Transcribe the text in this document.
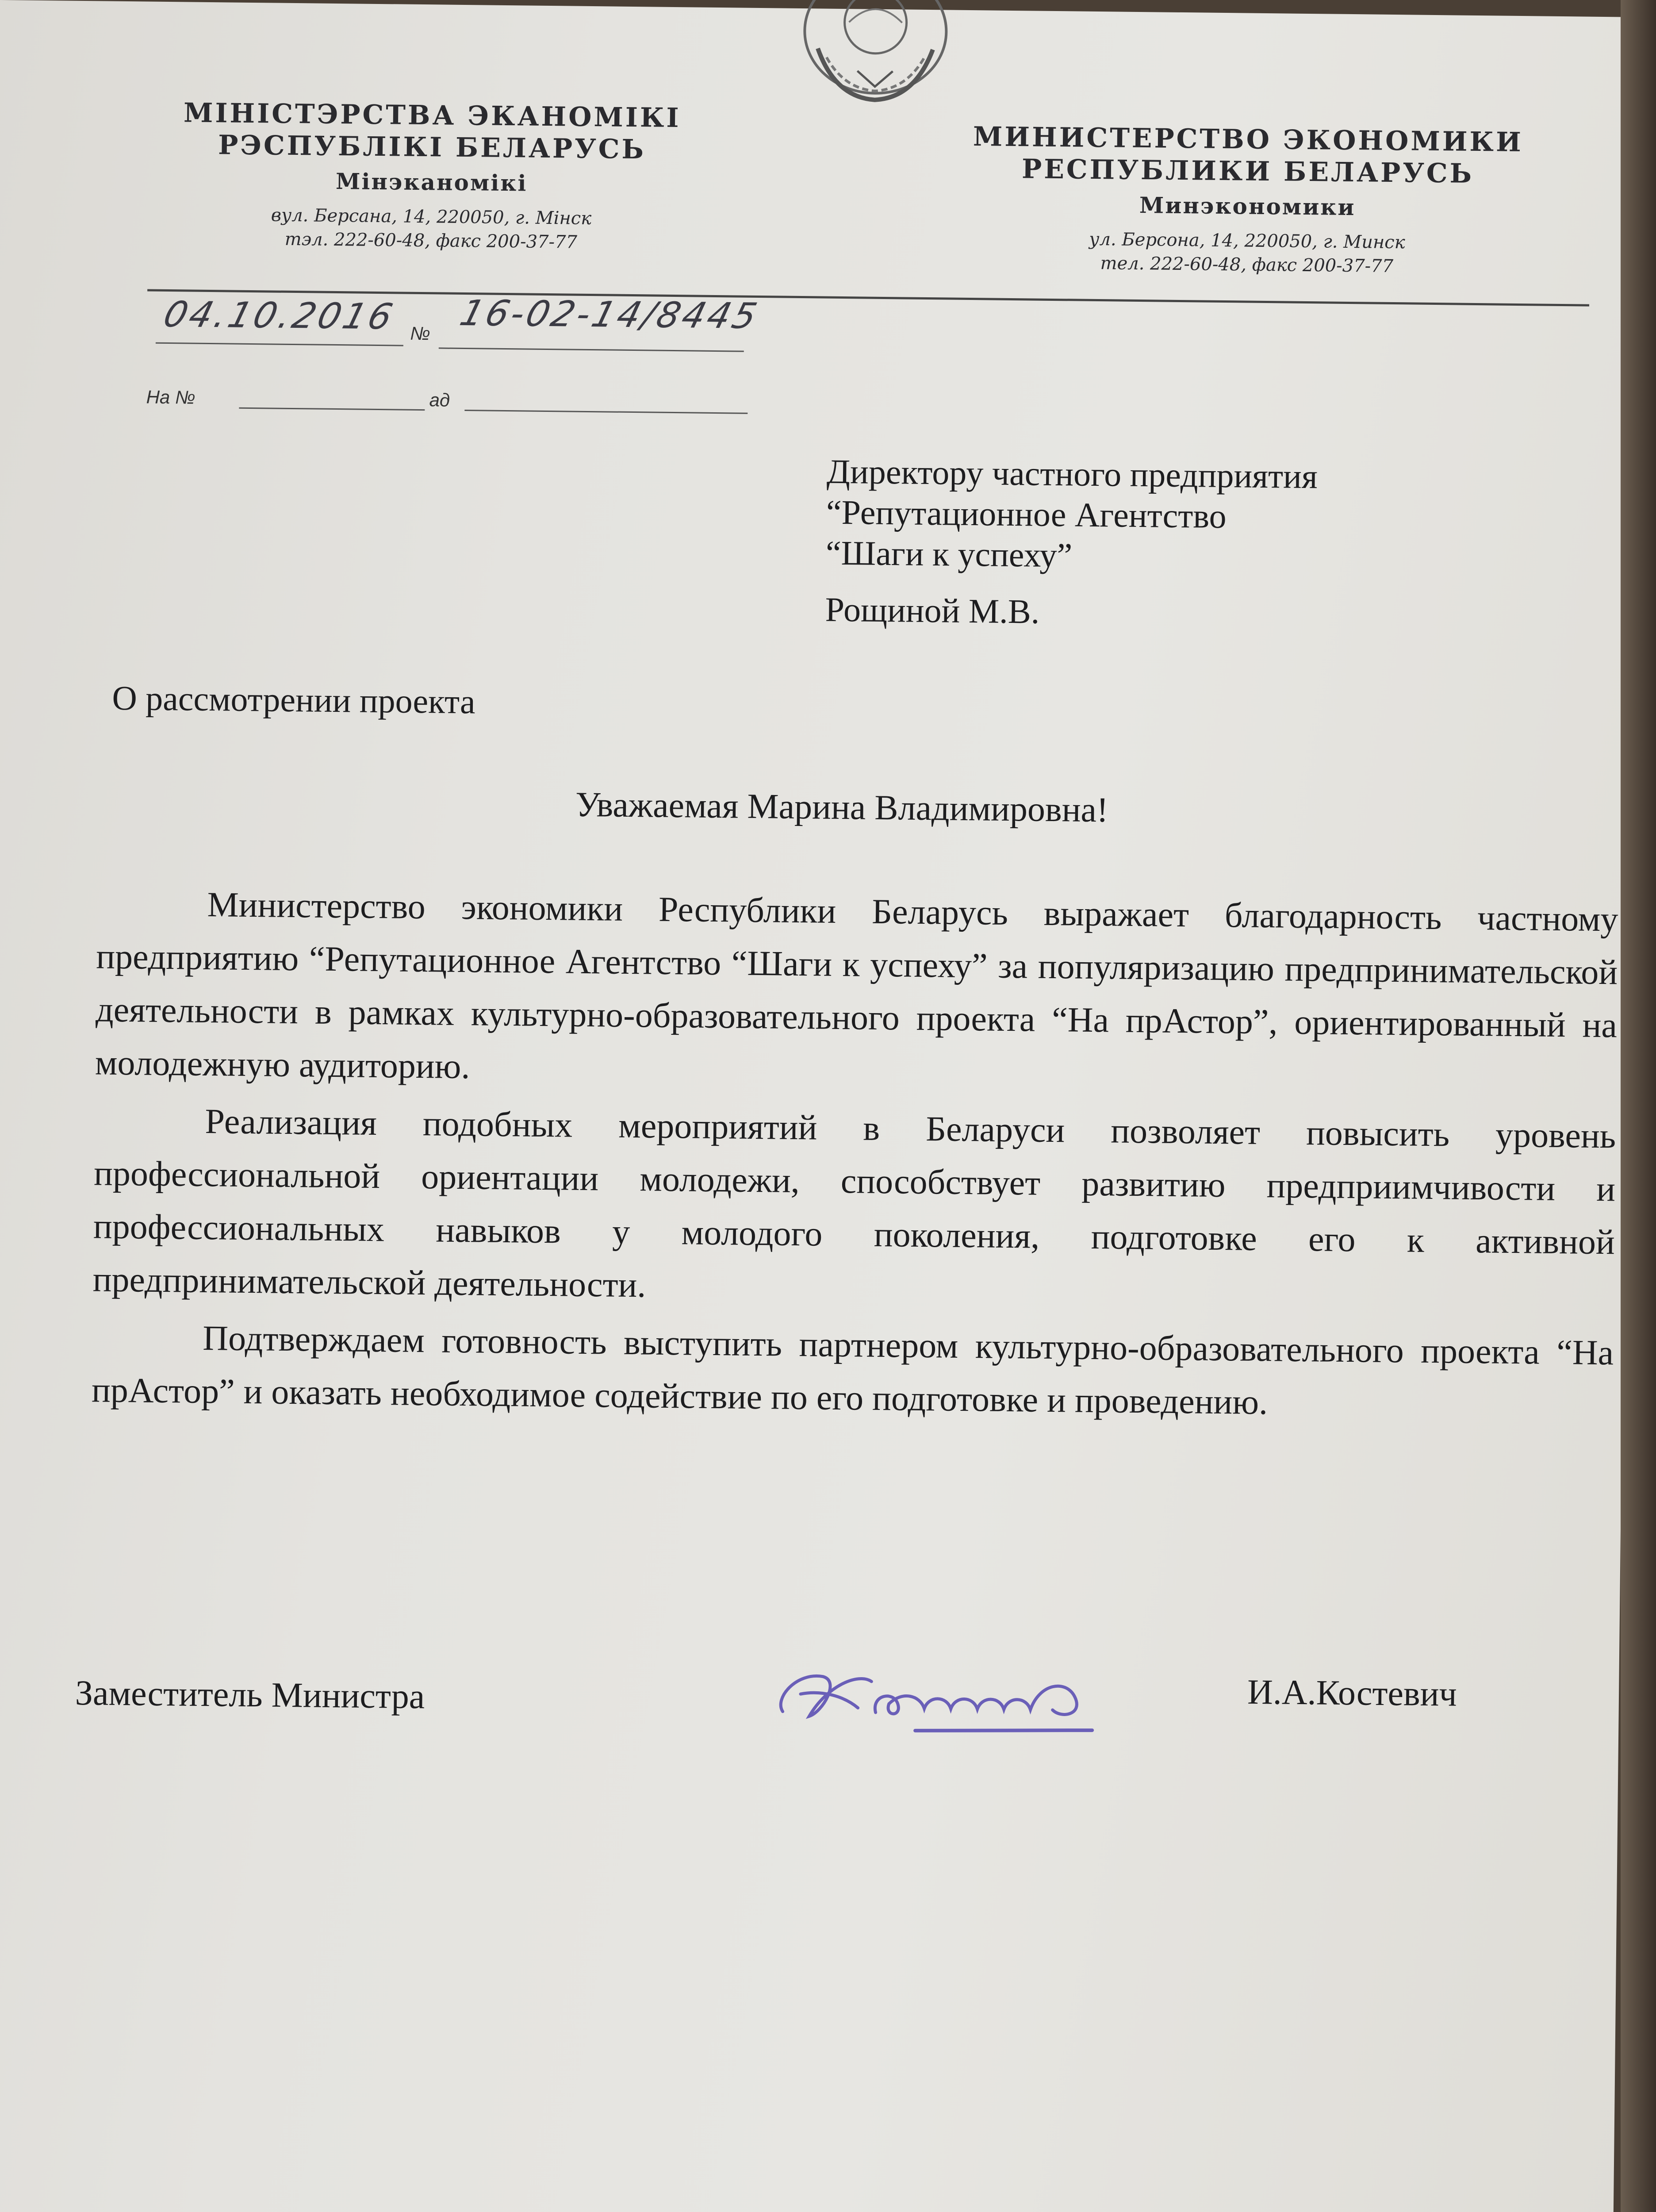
МІНІСТЭРСТВА ЭКАНОМІКІ
РЭСПУБЛІКІ БЕЛАРУСЬ
Мінэканомікі
вул. Берсана, 14, 220050, г. Мінск
тэл. 222-60-48, факс 200-37-77
МИНИСТЕРСТВО ЭКОНОМИКИ
РЕСПУБЛИКИ БЕЛАРУСЬ
Минэкономики
ул. Берсона, 14, 220050, г. Минск
тел. 222-60-48, факс 200-37-77
04.10.2016 № 16-02-14/8445
На №	ад
Директору частного предприятия
“Репутационное Агентство
“Шаги к успеху”
Рощиной М.В.
О рассмотрении проекта
Уважаемая Марина Владимировна!

Министерство экономики Республики Беларусь выражает благодарность частному предприятию “Репутационное Агентство “Шаги к успеху” за популяризацию предпринимательской деятельности в рамках культурно-образовательного проекта “На прАстор”, ориентированный на молодежную аудиторию.

Реализация подобных мероприятий в Беларуси позволяет повысить уровень профессиональной ориентации молодежи, способствует развитию предприимчивости и профессиональных навыков у молодого поколения, подготовке его к активной предпринимательской деятельности.

Подтверждаем готовность выступить партнером культурно-образовательного проекта “На прАстор” и оказать необходимое содействие по его подготовке и проведению.

Заместитель Министра	И.А.Костевич
